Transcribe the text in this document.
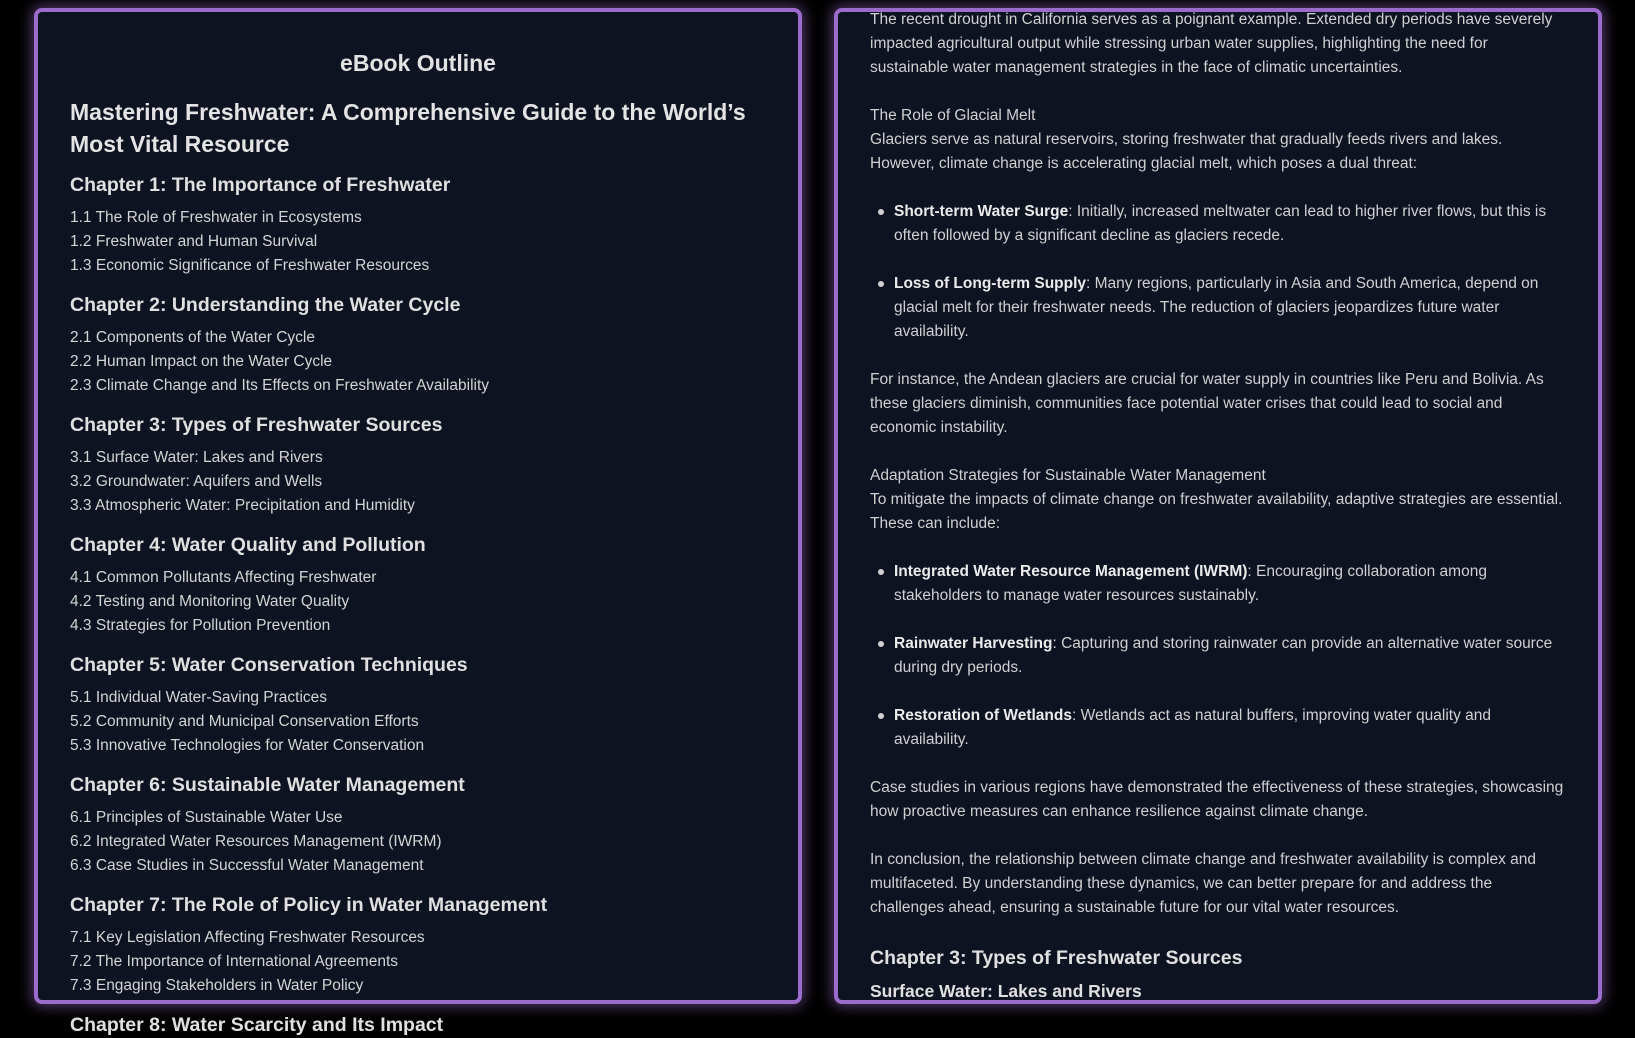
eBook Outline
Mastering Freshwater: A Comprehensive Guide to the World’s Most Vital Resource
Chapter 1: The Importance of Freshwater
1.1 The Role of Freshwater in Ecosystems
1.2 Freshwater and Human Survival
1.3 Economic Significance of Freshwater Resources
Chapter 2: Understanding the Water Cycle
2.1 Components of the Water Cycle
2.2 Human Impact on the Water Cycle
2.3 Climate Change and Its Effects on Freshwater Availability
Chapter 3: Types of Freshwater Sources
3.1 Surface Water: Lakes and Rivers
3.2 Groundwater: Aquifers and Wells
3.3 Atmospheric Water: Precipitation and Humidity
Chapter 4: Water Quality and Pollution
4.1 Common Pollutants Affecting Freshwater
4.2 Testing and Monitoring Water Quality
4.3 Strategies for Pollution Prevention
Chapter 5: Water Conservation Techniques
5.1 Individual Water-Saving Practices
5.2 Community and Municipal Conservation Efforts
5.3 Innovative Technologies for Water Conservation
Chapter 6: Sustainable Water Management
6.1 Principles of Sustainable Water Use
6.2 Integrated Water Resources Management (IWRM)
6.3 Case Studies in Successful Water Management
Chapter 7: The Role of Policy in Water Management
7.1 Key Legislation Affecting Freshwater Resources
7.2 The Importance of International Agreements
7.3 Engaging Stakeholders in Water Policy
Chapter 8: Water Scarcity and Its Impact

The recent drought in California serves as a poignant example. Extended dry periods have severely impacted agricultural output while stressing urban water supplies, highlighting the need for sustainable water management strategies in the face of climatic uncertainties.

The Role of Glacial Melt

Glaciers serve as natural reservoirs, storing freshwater that gradually feeds rivers and lakes. However, climate change is accelerating glacial melt, which poses a dual threat:

Short-term Water Surge: Initially, increased meltwater can lead to higher river flows, but this is often followed by a significant decline as glaciers recede.
Loss of Long-term Supply: Many regions, particularly in Asia and South America, depend on glacial melt for their freshwater needs. The reduction of glaciers jeopardizes future water availability.

For instance, the Andean glaciers are crucial for water supply in countries like Peru and Bolivia. As these glaciers diminish, communities face potential water crises that could lead to social and economic instability.

Adaptation Strategies for Sustainable Water Management

To mitigate the impacts of climate change on freshwater availability, adaptive strategies are essential. These can include:

Integrated Water Resource Management (IWRM): Encouraging collaboration among stakeholders to manage water resources sustainably.
Rainwater Harvesting: Capturing and storing rainwater can provide an alternative water source during dry periods.
Restoration of Wetlands: Wetlands act as natural buffers, improving water quality and availability.

Case studies in various regions have demonstrated the effectiveness of these strategies, showcasing how proactive measures can enhance resilience against climate change.

In conclusion, the relationship between climate change and freshwater availability is complex and multifaceted. By understanding these dynamics, we can better prepare for and address the challenges ahead, ensuring a sustainable future for our vital water resources.

Chapter 3: Types of Freshwater Sources
Surface Water: Lakes and Rivers
